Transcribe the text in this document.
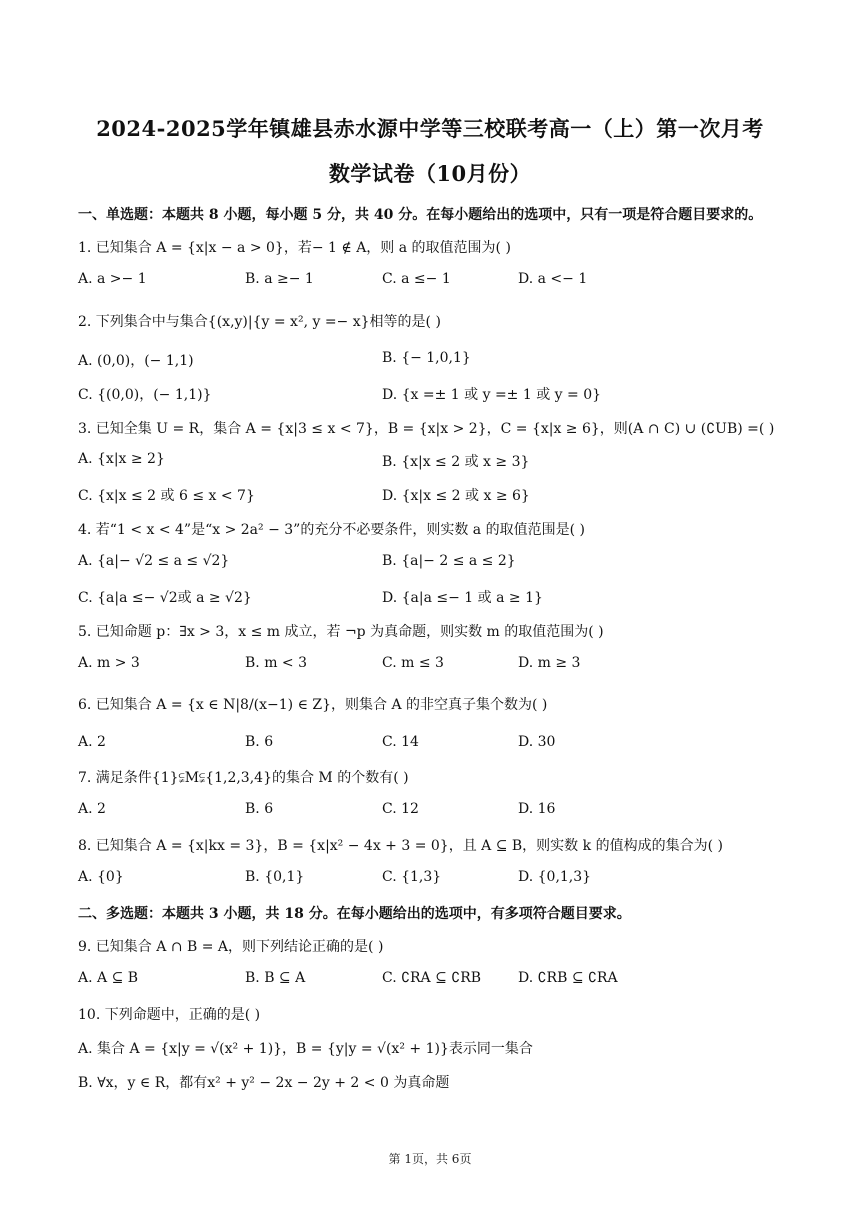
2024-2025学年镇雄县赤水源中学等三校联考高一（上）第一次月考
数学试卷（10月份）
一、单选题：本题共 8 小题，每小题 5 分，共 40 分。在每小题给出的选项中，只有一项是符合题目要求的。
1. 已知集合 A = {x|x − a > 0}，若− 1 ∉ A，则 a 的取值范围为( )
A. a >− 1	B. a ≥− 1	C. a ≤− 1	D. a <− 1
2. 下列集合中与集合{(x,y)|{y = x², y =− x}相等的是( )
A. (0,0)，(− 1,1)	B. {− 1,0,1}
C. {(0,0)，(− 1,1)}	D. {x =± 1 或 y =± 1 或 y = 0}
3. 已知全集 U = R，集合 A = {x|3 ≤ x < 7}，B = {x|x > 2}，C = {x|x ≥ 6}，则(A ∩ C) ∪ (∁UB) =( )
A. {x|x ≥ 2}	B. {x|x ≤ 2 或 x ≥ 3}
C. {x|x ≤ 2 或 6 ≤ x < 7}	D. {x|x ≤ 2 或 x ≥ 6}
4. 若“1 < x < 4”是“x > 2a² − 3”的充分不必要条件，则实数 a 的取值范围是( )
A. {a|− √2 ≤ a ≤ √2}	B. {a|− 2 ≤ a ≤ 2}
C. {a|a ≤− √2或 a ≥ √2}	D. {a|a ≤− 1 或 a ≥ 1}
5. 已知命题 p：∃x > 3，x ≤ m 成立，若 ¬p 为真命题，则实数 m 的取值范围为( )
A. m > 3	B. m < 3	C. m ≤ 3	D. m ≥ 3
6. 已知集合 A = {x ∈ N|8/(x−1) ∈ Z}，则集合 A 的非空真子集个数为( )
A. 2	B. 6	C. 14	D. 30
7. 满足条件{1}⫋M⫋{1,2,3,4}的集合 M 的个数有( )
A. 2	B. 6	C. 12	D. 16
8. 已知集合 A = {x|kx = 3}，B = {x|x² − 4x + 3 = 0}，且 A ⊆ B，则实数 k 的值构成的集合为( )
A. {0}	B. {0,1}	C. {1,3}	D. {0,1,3}
二、多选题：本题共 3 小题，共 18 分。在每小题给出的选项中，有多项符合题目要求。
9. 已知集合 A ∩ B = A，则下列结论正确的是( )
A. A ⊆ B	B. B ⊆ A	C. ∁RA ⊆ ∁RB	D. ∁RB ⊆ ∁RA
10. 下列命题中，正确的是( )
A. 集合 A = {x|y = √(x² + 1)}，B = {y|y = √(x² + 1)}表示同一集合
B. ∀x，y ∈ R，都有x² + y² − 2x − 2y + 2 < 0 为真命题
第 1页，共 6页
